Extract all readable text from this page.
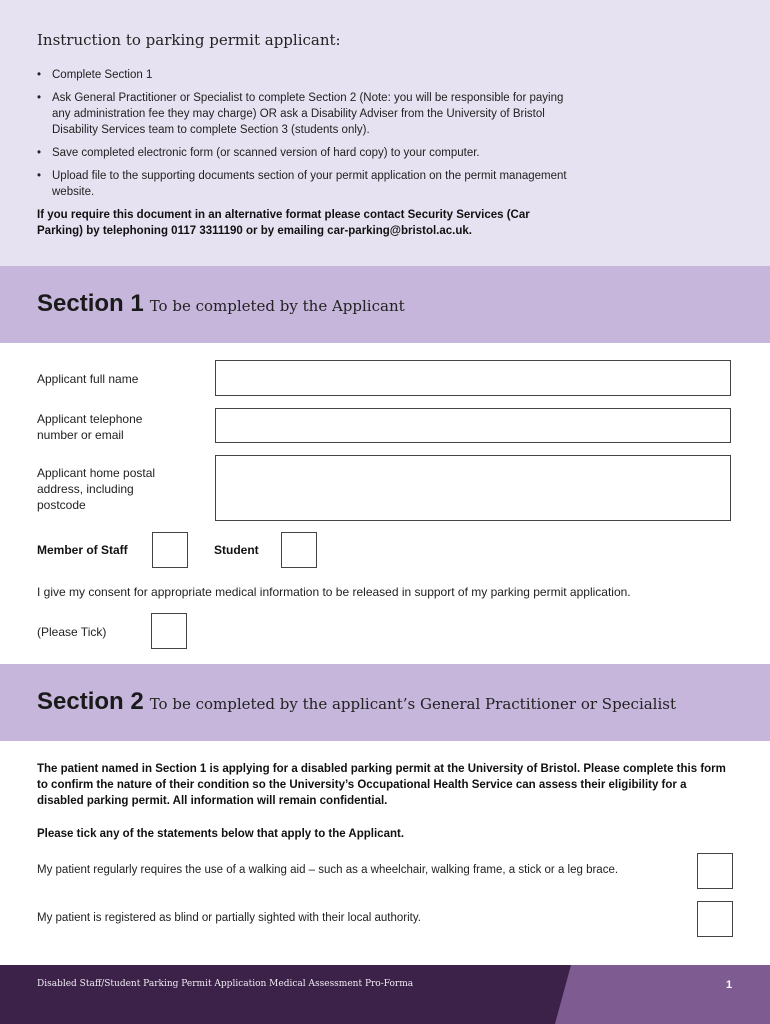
Instruction to parking permit applicant:
• Complete Section 1
• Ask General Practitioner or Specialist to complete Section 2 (Note: you will be responsible for paying any administration fee they may charge) OR ask a Disability Adviser from the University of Bristol Disability Services team to complete Section 3 (students only).
• Save completed electronic form (or scanned version of hard copy) to your computer.
• Upload file to the supporting documents section of your permit application on the permit management website.

If you require this document in an alternative format please contact Security Services (Car Parking) by telephoning 0117 3311190 or by emailing car-parking@bristol.ac.uk.

Section 1 To be completed by the Applicant
Applicant full name
Applicant telephone number or email
Applicant home postal address, including postcode
Member of Staff	Student
I give my consent for appropriate medical information to be released in support of my parking permit application.
(Please Tick)
Section 2 To be completed by the applicant’s General Practitioner or Specialist

The patient named in Section 1 is applying for a disabled parking permit at the University of Bristol. Please complete this form to confirm the nature of their condition so the University’s Occupational Health Service can assess their eligibility for a disabled parking permit. All information will remain confidential.

Please tick any of the statements below that apply to the Applicant.

My patient regularly requires the use of a walking aid – such as a wheelchair, walking frame, a stick or a leg brace.
My patient is registered as blind or partially sighted with their local authority.
Disabled Staff/Student Parking Permit Application Medical Assessment Pro-Forma	1
